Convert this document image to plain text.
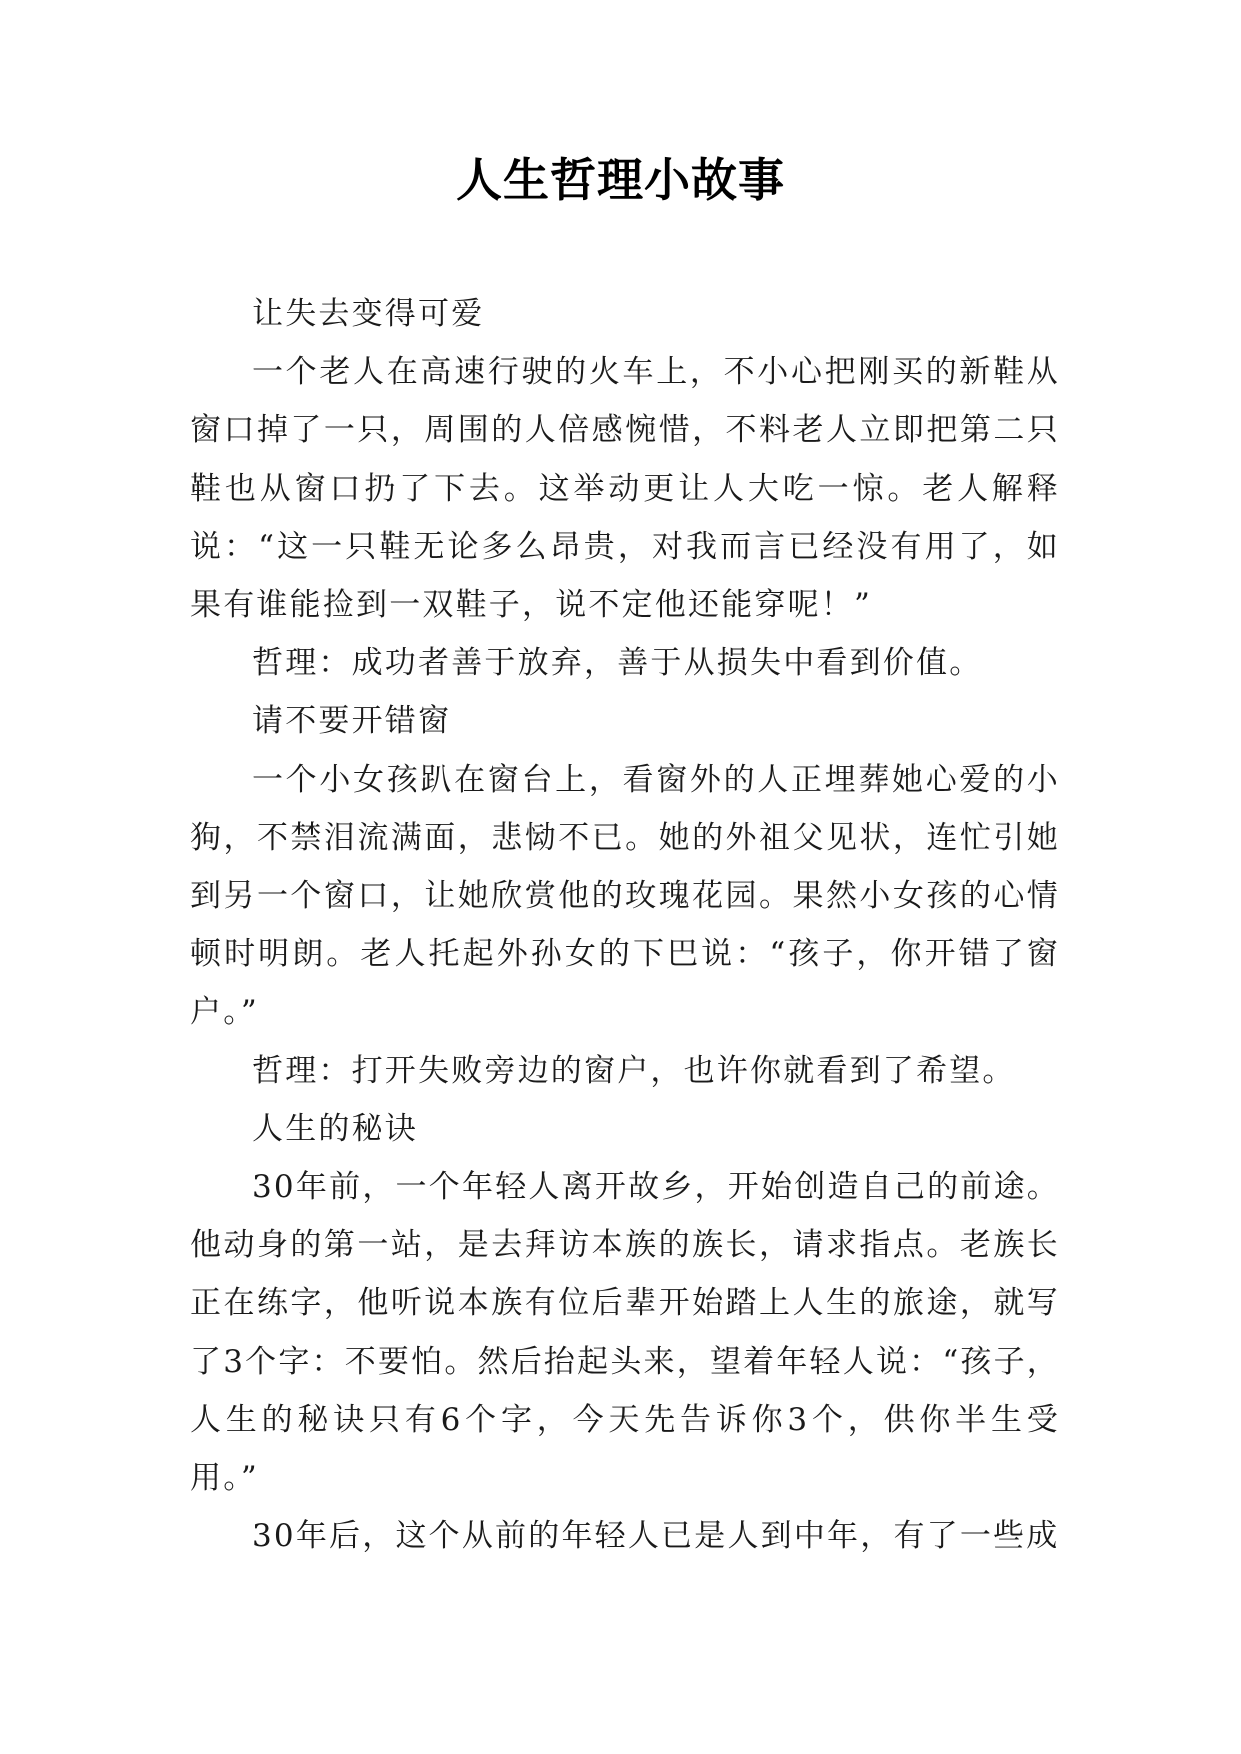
人生哲理小故事

让失去变得可爱

一个老人在高速行驶的火车上，不小心把刚买的新鞋从窗口掉了一只，周围的人倍感惋惜，不料老人立即把第二只鞋也从窗口扔了下去。这举动更让人大吃一惊。老人解释说：“这一只鞋无论多么昂贵，对我而言已经没有用了，如果有谁能捡到一双鞋子，说不定他还能穿呢！”

哲理：成功者善于放弃，善于从损失中看到价值。

请不要开错窗

一个小女孩趴在窗台上，看窗外的人正埋葬她心爱的小狗，不禁泪流满面，悲恸不已。她的外祖父见状，连忙引她到另一个窗口，让她欣赏他的玫瑰花园。果然小女孩的心情顿时明朗。老人托起外孙女的下巴说：“孩子，你开错了窗户。”

哲理：打开失败旁边的窗户，也许你就看到了希望。

人生的秘诀

30年前，一个年轻人离开故乡，开始创造自己的前途。他动身的第一站，是去拜访本族的族长，请求指点。老族长正在练字，他听说本族有位后辈开始踏上人生的旅途，就写了3个字：不要怕。然后抬起头来，望着年轻人说：“孩子，人生的秘诀只有6个字，今天先告诉你3个，供你半生受用。”

30年后，这个从前的年轻人已是人到中年，有了一些成
